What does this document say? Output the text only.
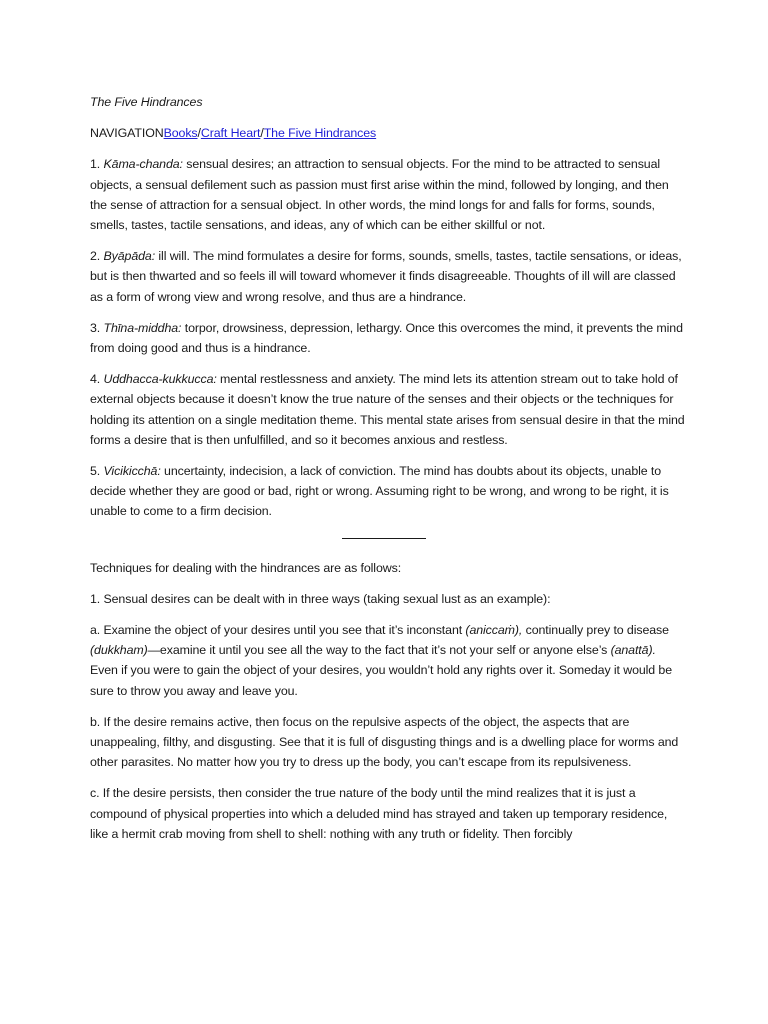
The Five Hindrances
NAVIGATIONBooks/Craft Heart/The Five Hindrances

1. Kāma-chanda: sensual desires; an attraction to sensual objects. For the mind to be attracted to sensual objects, a sensual defilement such as passion must first arise within the mind, followed by longing, and then the sense of attraction for a sensual object. In other words, the mind longs for and falls for forms, sounds, smells, tastes, tactile sensations, and ideas, any of which can be either skillful or not.

2. Byāpāda: ill will. The mind formulates a desire for forms, sounds, smells, tastes, tactile sensations, or ideas, but is then thwarted and so feels ill will toward whomever it finds disagreeable. Thoughts of ill will are classed as a form of wrong view and wrong resolve, and thus are a hindrance.

3. Thīna-middha: torpor, drowsiness, depression, lethargy. Once this overcomes the mind, it prevents the mind from doing good and thus is a hindrance.

4. Uddhacca-kukkucca: mental restlessness and anxiety. The mind lets its attention stream out to take hold of external objects because it doesn’t know the true nature of the senses and their objects or the techniques for holding its attention on a single meditation theme. This mental state arises from sensual desire in that the mind forms a desire that is then unfulfilled, and so it becomes anxious and restless.

5. Vicikicchā: uncertainty, indecision, a lack of conviction. The mind has doubts about its objects, unable to decide whether they are good or bad, right or wrong. Assuming right to be wrong, and wrong to be right, it is unable to come to a firm decision.

Techniques for dealing with the hindrances are as follows:

1. Sensual desires can be dealt with in three ways (taking sexual lust as an example):

a. Examine the object of your desires until you see that it’s inconstant (aniccaṁ), continually prey to disease (dukkham)—examine it until you see all the way to the fact that it’s not your self or anyone else’s (anattā). Even if you were to gain the object of your desires, you wouldn’t hold any rights over it. Someday it would be sure to throw you away and leave you.

b. If the desire remains active, then focus on the repulsive aspects of the object, the aspects that are unappealing, filthy, and disgusting. See that it is full of disgusting things and is a dwelling place for worms and other parasites. No matter how you try to dress up the body, you can’t escape from its repulsiveness.

c. If the desire persists, then consider the true nature of the body until the mind realizes that it is just a compound of physical properties into which a deluded mind has strayed and taken up temporary residence, like a hermit crab moving from shell to shell: nothing with any truth or fidelity. Then forcibly
